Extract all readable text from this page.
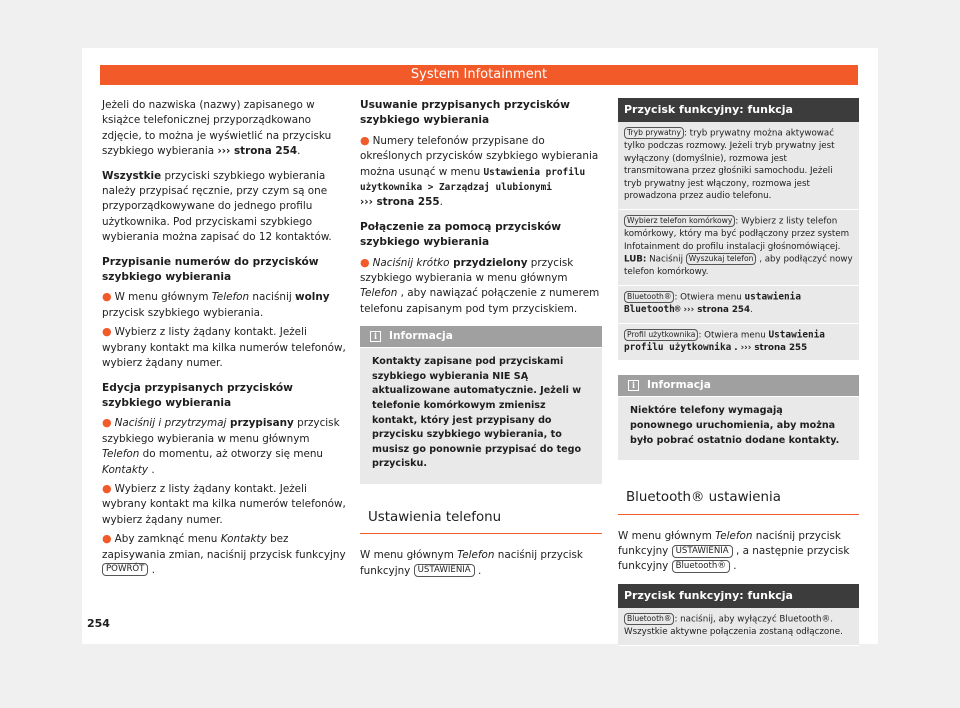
System Infotainment

Jeżeli do nazwiska (nazwy) zapisanego w książce telefonicznej przyporządkowano zdjęcie, to można je wyświetlić na przycisku szybkiego wybierania ››› strona 254.

Wszystkie przyciski szybkiego wybierania należy przypisać ręcznie, przy czym są one przyporządkowywane do jednego profilu użytkownika. Pod przyciskami szybkiego wybierania można zapisać do 12 kontaktów.

Przypisanie numerów do przycisków szybkiego wybierania

● W menu głównym Telefon naciśnij wolny przycisk szybkiego wybierania.

● Wybierz z listy żądany kontakt. Jeżeli wybrany kontakt ma kilka numerów telefonów, wybierz żądany numer.

Edycja przypisanych przycisków szybkiego wybierania

● Naciśnij i przytrzymaj przypisany przycisk szybkiego wybierania w menu głównym Telefon do momentu, aż otworzy się menu Kontakty .

● Wybierz z listy żądany kontakt. Jeżeli wybrany kontakt ma kilka numerów telefonów, wybierz żądany numer.

● Aby zamknąć menu Kontakty bez zapisywania zmian, naciśnij przycisk funkcyjny POWRÓT .

Usuwanie przypisanych przycisków szybkiego wybierania

● Numery telefonów przypisane do określonych przycisków szybkiego wybierania można usunąć w menu Ustawienia profilu użytkownika > Zarządzaj ulubionymi
››› strona 255.

Połączenie za pomocą przycisków szybkiego wybierania

● Naciśnij krótko przydzielony przycisk szybkiego wybierania w menu głównym Telefon , aby nawiązać połączenie z numerem telefonu zapisanym pod tym przyciskiem.

i	Informacja
Kontakty zapisane pod przyciskami szybkiego wybierania NIE SĄ aktualizowane automatycznie. Jeżeli w telefonie komórkowym zmienisz kontakt, który jest przypisany do przycisku szybkiego wybierania, to musisz go ponownie przypisać do tego przycisku.
Ustawienia telefonu

W menu głównym Telefon naciśnij przycisk funkcyjny USTAWIENIA .

Przycisk funkcyjny: funkcja
Tryb prywatny : tryb prywatny można aktywować tylko podczas rozmowy. Jeżeli tryb prywatny jest wyłączony (domyślnie), rozmowa jest transmitowana przez głośniki samochodu. Jeżeli tryb prywatny jest włączony, rozmowa jest prowadzona przez audio telefonu.
Wybierz telefon komórkowy : Wybierz z listy telefon komórkowy, który ma być podłączony przez system Infotainment do profilu instalacji głośnomówiącej.
LUB: Naciśnij Wyszukaj telefon , aby podłączyć nowy telefon komórkowy.
Bluetooth® : Otwiera menu ustawienia Bluetooth® ››› strona 254.
Profil użytkownika : Otwiera menu Ustawienia profilu użytkownika . ››› strona 255
i	Informacja
Niektóre telefony wymagają ponownego uruchomienia, aby można było pobrać ostatnio dodane kontakty.
Bluetooth® ustawienia

W menu głównym Telefon naciśnij przycisk funkcyjny USTAWIENIA , a następnie przycisk funkcyjny Bluetooth® .

Przycisk funkcyjny: funkcja
Bluetooth® : naciśnij, aby wyłączyć Bluetooth®. Wszystkie aktywne połączenia zostaną odłączone.
254
